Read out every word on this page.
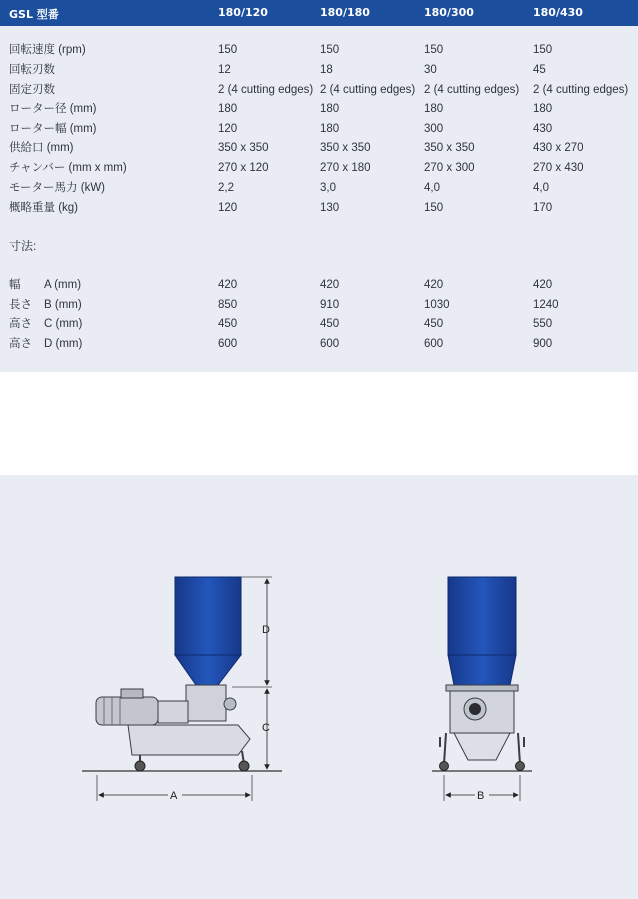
GSL 型番	180/120	180/180	180/300	180/430
回転速度 (rpm)	150	150	150	150
回転刃数	12	18	30	45
固定刃数	2 (4 cutting edges) 2 (4 cutting edges) 2 (4 cutting edges) 2 (4 cutting edges)
ローター径 (mm)	180	180	180	180
ローター幅 (mm)	120	180	300	430
供給口 (mm)	350 x 350	350 x 350	350 x 350	430 x 270
チャンバー (mm x mm)	270 x 120	270 x 180	270 x 300	270 x 430
モーター馬力 (kW)	2,2	3,0	4,0	4,0
概略重量 (kg)	120	130	150	170
寸法:
幅 A (mm)	420	420	420	420
長さ B (mm)	850	910	1030	1240
高さ C (mm)	450	450	450	550
高さ D (mm)	600	600	600	900
D
C
A	B
